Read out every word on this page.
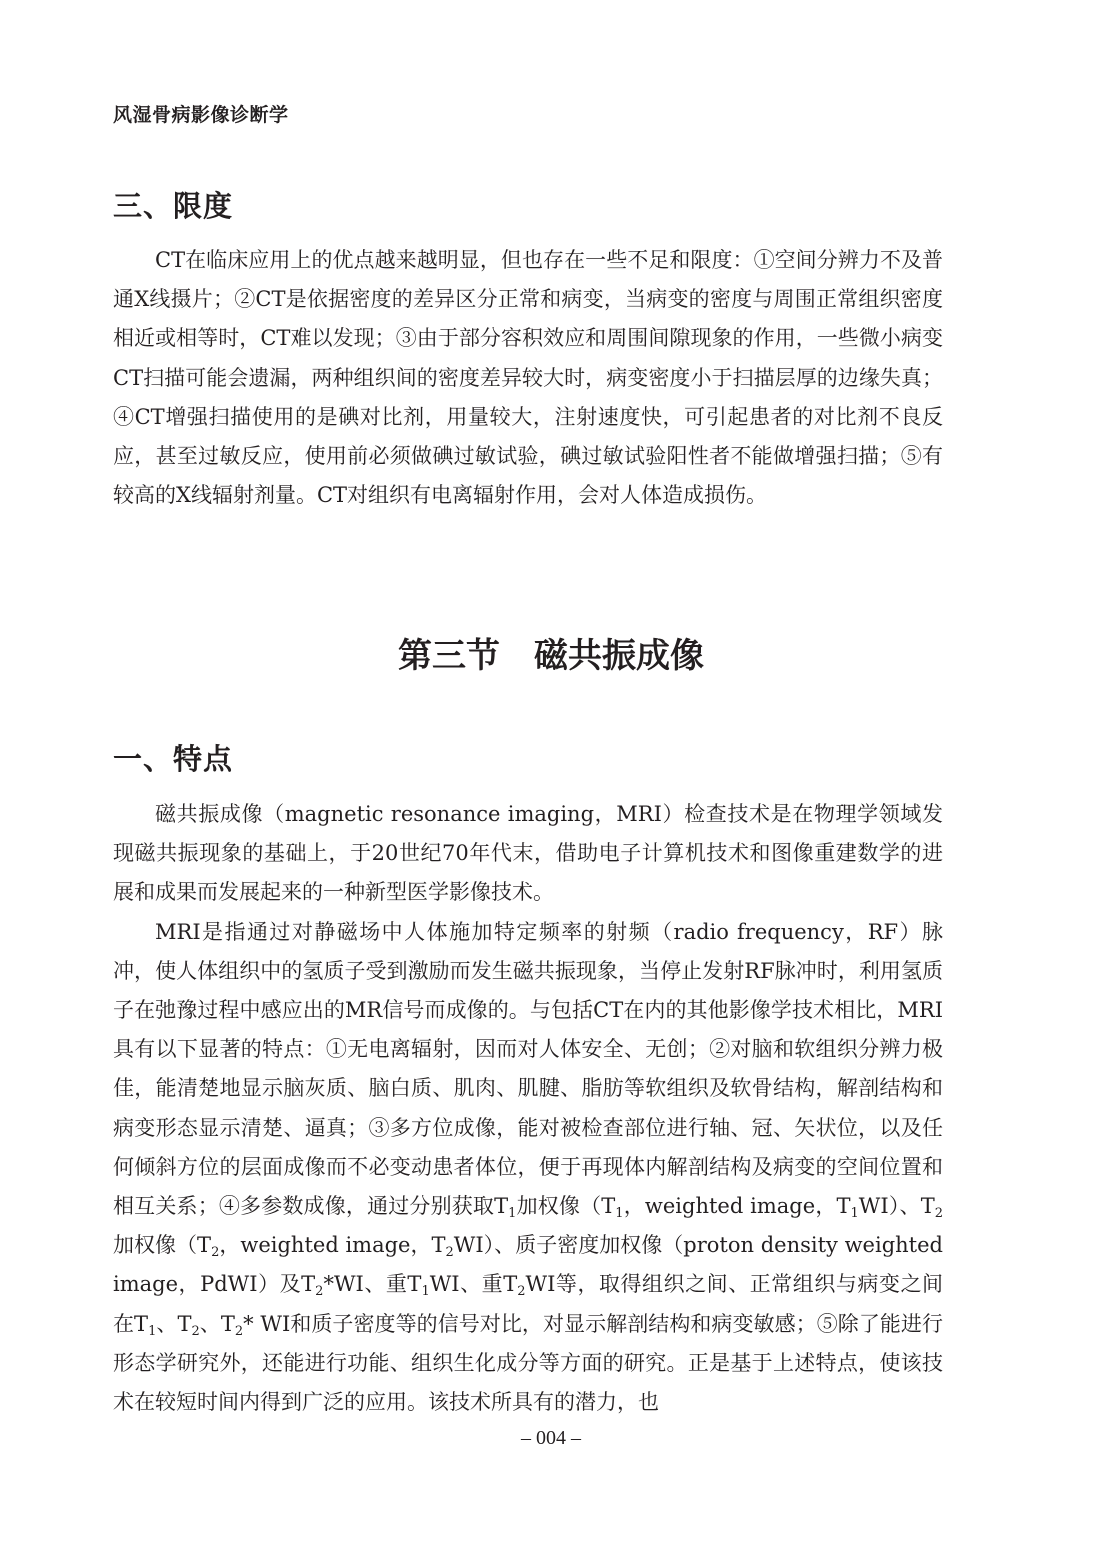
风湿骨病影像诊断学
三、限度

CT在临床应用上的优点越来越明显，但也存在一些不足和限度：①空间分辨力不及普通X线摄片；②CT是依据密度的差异区分正常和病变，当病变的密度与周围正常组织密度相近或相等时，CT难以发现；③由于部分容积效应和周围间隙现象的作用，一些微小病变CT扫描可能会遗漏，两种组织间的密度差异较大时，病变密度小于扫描层厚的边缘失真；④CT增强扫描使用的是碘对比剂，用量较大，注射速度快，可引起患者的对比剂不良反应，甚至过敏反应，使用前必须做碘过敏试验，碘过敏试验阳性者不能做增强扫描；⑤有较高的X线辐射剂量。CT对组织有电离辐射作用，会对人体造成损伤。

第三节　磁共振成像
一、特点

磁共振成像（magnetic resonance imaging，MRI）检查技术是在物理学领域发现磁共振现象的基础上，于20世纪70年代末，借助电子计算机技术和图像重建数学的进展和成果而发展起来的一种新型医学影像技术。

MRI是指通过对静磁场中人体施加特定频率的射频（radio frequency，RF）脉冲，使人体组织中的氢质子受到激励而发生磁共振现象，当停止发射RF脉冲时，利用氢质子在弛豫过程中感应出的MR信号而成像的。与包括CT在内的其他影像学技术相比，MRI具有以下显著的特点：①无电离辐射，因而对人体安全、无创；②对脑和软组织分辨力极佳，能清楚地显示脑灰质、脑白质、肌肉、肌腱、脂肪等软组织及软骨结构，解剖结构和病变形态显示清楚、逼真；③多方位成像，能对被检查部位进行轴、冠、矢状位，以及任何倾斜方位的层面成像而不必变动患者体位，便于再现体内解剖结构及病变的空间位置和相互关系；④多参数成像，通过分别获取$T_1$加权像（$T_1$，weighted image，$T_1WI$）、$T_2$加权像（$T_2$，weighted image，$T_2WI$）、质子密度加权像（proton density weighted image，PdWI）及$T_2*WI$、重$T_1WI$、重$T_2WI$等，取得组织之间、正常组织与病变之间在$T_1$、$T_2$、$T_2*$ WI和质子密度等的信号对比，对显示解剖结构和病变敏感；⑤除了能进行形态学研究外，还能进行功能、组织生化成分等方面的研究。正是基于上述特点，使该技术在较短时间内得到广泛的应用。该技术所具有的潜力，也

– 004 –
